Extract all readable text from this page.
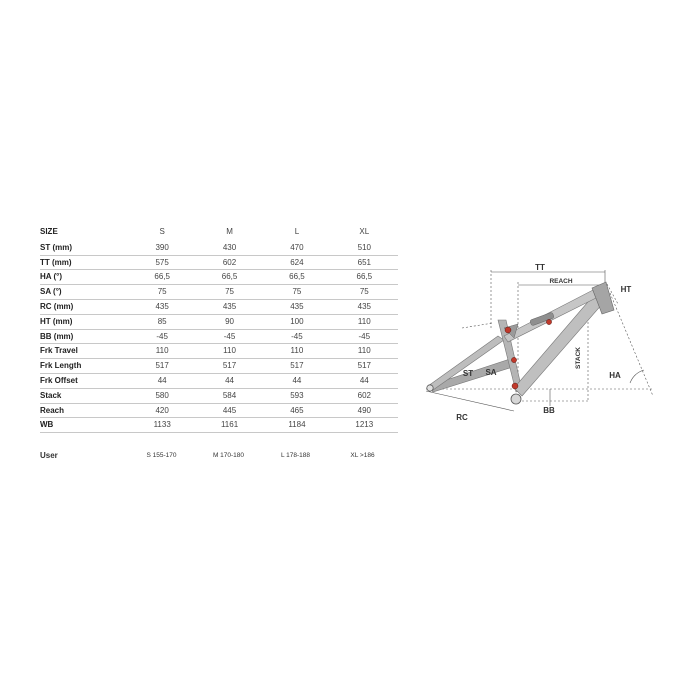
SIZE	S	M	L	XL
ST (mm)	390	430	470	510
TT (mm)	575	602	624	651
HA (°)	66,5	66,5	66,5	66,5
SA (°)	75	75	75	75
RC (mm)	435	435	435	435
HT (mm)	85	90	100	110
BB (mm)	-45	-45	-45	-45
Frk Travel	110	110	110	110
Frk Length	517	517	517	517
Frk Offset	44	44	44	44
Stack	580	584	593	602
Reach	420	445	465	490
WB	1133	1161	1184	1213
User	S 155-170	M 170-180	L 178-188	XL >186
TT
REACH
HT
ST SA
STACK
HA
BB
RC
